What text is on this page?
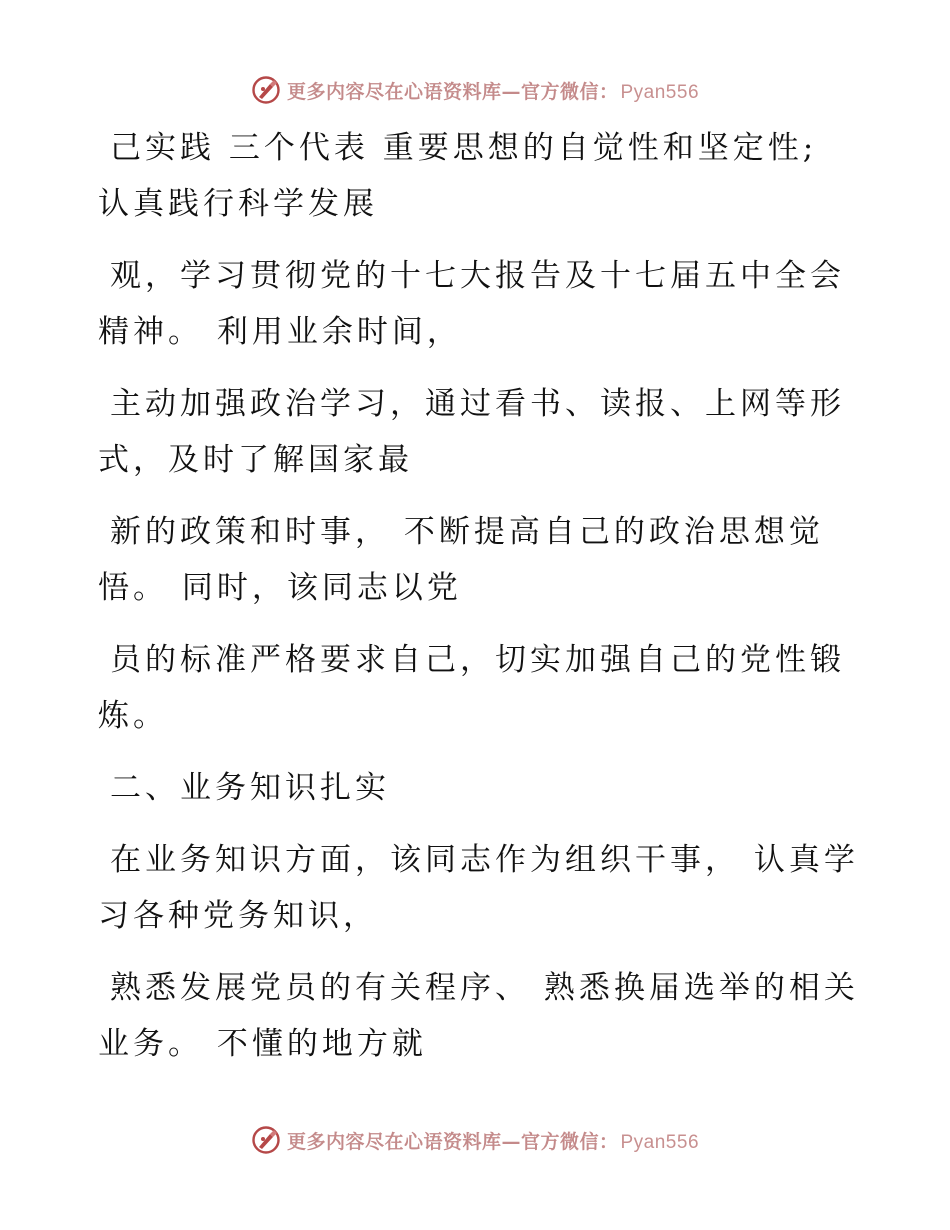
更多内容尽在心语资料库—官方微信： Pyan556

己实践 三个代表 重要思想的自觉性和坚定性;
认真践行科学发展

观，学习贯彻党的十七大报告及十七届五中全会
精神。 利用业余时间，

主动加强政治学习，通过看书、读报、上网等形
式，及时了解国家最

新的政策和时事， 不断提高自己的政治思想觉
悟。 同时，该同志以党

员的标准严格要求自己，切实加强自己的党性锻
炼。

二、业务知识扎实

在业务知识方面，该同志作为组织干事， 认真学
习各种党务知识，

熟悉发展党员的有关程序、 熟悉换届选举的相关
业务。 不懂的地方就

更多内容尽在心语资料库—官方微信： Pyan556
